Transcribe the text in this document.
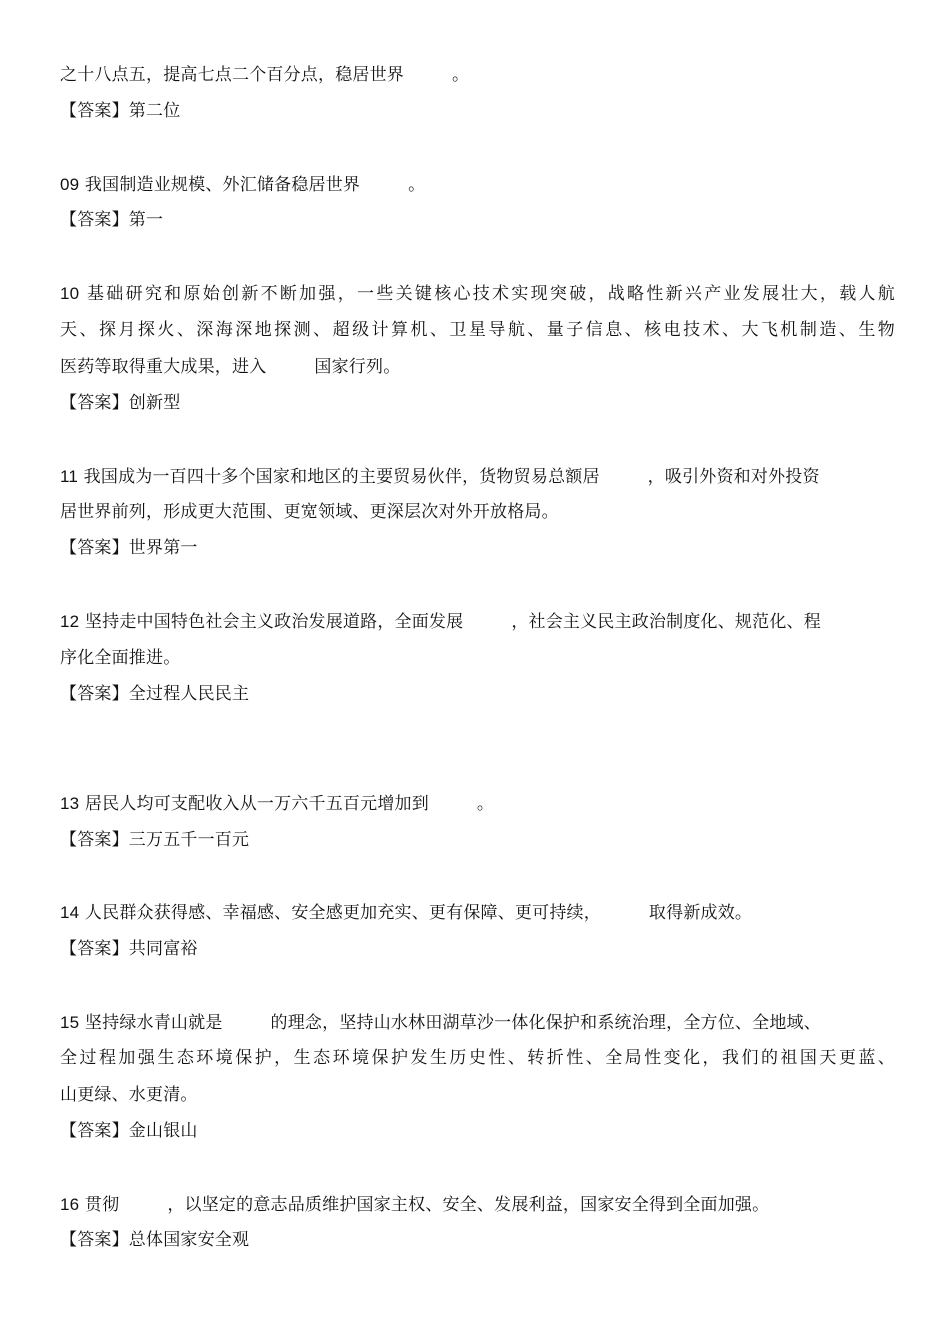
之十八点五，提高七点二个百分点，稳居世界	。
【答案】第二位
09 我国制造业规模、外汇储备稳居世界	。
【答案】第一
10 基础研究和原始创新不断加强，一些关键核心技术实现突破，战略性新兴产业发展壮大，载人航
天、探月探火、深海深地探测、超级计算机、卫星导航、量子信息、核电技术、大飞机制造、生物
医药等取得重大成果，进入	国家行列。
【答案】创新型
11 我国成为一百四十多个国家和地区的主要贸易伙伴，货物贸易总额居	，吸引外资和对外投资
居世界前列，形成更大范围、更宽领域、更深层次对外开放格局。
【答案】世界第一
12 坚持走中国特色社会主义政治发展道路，全面发展	，社会主义民主政治制度化、规范化、程
序化全面推进。
【答案】全过程人民民主
13 居民人均可支配收入从一万六千五百元增加到	。
【答案】三万五千一百元
14 人民群众获得感、幸福感、安全感更加充实、更有保障、更可持续，	取得新成效。
【答案】共同富裕
15 坚持绿水青山就是	的理念，坚持山水林田湖草沙一体化保护和系统治理，全方位、全地域、
全过程加强生态环境保护，生态环境保护发生历史性、转折性、全局性变化，我们的祖国天更蓝、
山更绿、水更清。
【答案】金山银山
16 贯彻	，以坚定的意志品质维护国家主权、安全、发展利益，国家安全得到全面加强。
【答案】总体国家安全观
